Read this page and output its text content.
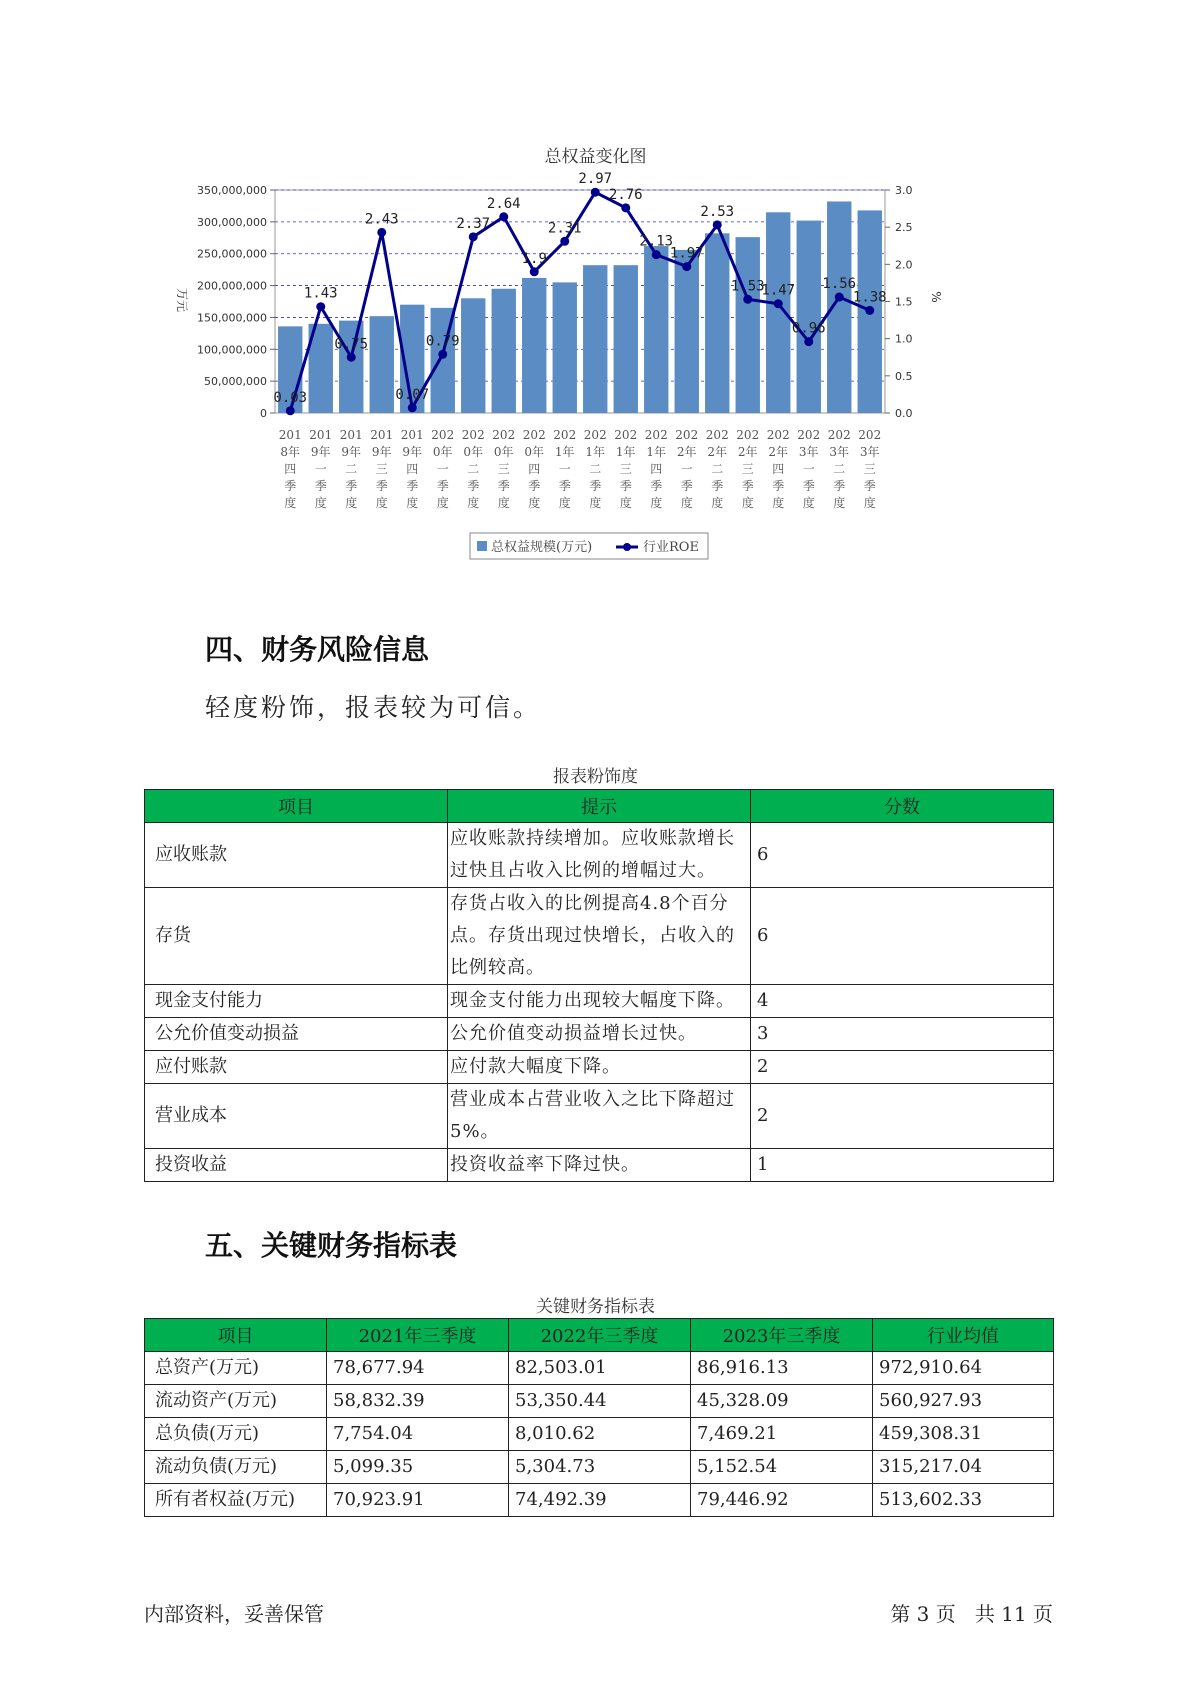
总权益变化图
0
50,000,000
100,000,000
150,000,000
200,000,000
250,000,000
300,000,000
350,000,000
0.0
0.5
1.0
1.5
2.0
2.5
3.0
万元	%
201
8年
四
季
度
201
9年
一
季
度
201
9年
二
季
度
201
9年
三
季
度
201
9年
四
季
度
202
0年
一
季
度
202
0年
二
季
度
202
0年
三
季
度
202
0年
四
季
度
202
1年
一
季
度
202
1年
二
季
度
202
1年
三
季
度
202
1年
四
季
度
202
2年
一
季
度
202
2年
二
季
度
202
2年
三
季
度
202
2年
四
季
度
202
3年
一
季
度
202
3年
二
季
度
202
3年
三
季
度
0.03
1.43
0.75
2.43
0.07
0.79
2.37
2.64
1.9
2.31
2.97
2.76
2.13
1.97
2.53
1.53
1.47
0.96
1.56
1.38
总权益规模(万元)	行业ROE
四、财务风险信息
轻度粉饰，报表较为可信。
报表粉饰度
项目	提示	分数
应收账款	应收账款持续增加。应收账款增长过快且占收入比例的增幅过大。	6
存货	存货占收入的比例提高4.8个百分点。存货出现过快增长，占收入的比例较高。	6
现金支付能力	现金支付能力出现较大幅度下降。	4
公允价值变动损益	公允价值变动损益增长过快。	3
应付账款	应付款大幅度下降。	2
营业成本	营业成本占营业收入之比下降超过5%。	2
投资收益	投资收益率下降过快。	1
五、关键财务指标表
关键财务指标表
项目	2021年三季度	2022年三季度	2023年三季度	行业均值
总资产(万元)	78,677.94	82,503.01	86,916.13	972,910.64
流动资产(万元)	58,832.39	53,350.44	45,328.09	560,927.93
总负债(万元)	7,754.04	8,010.62	7,469.21	459,308.31
流动负债(万元)	5,099.35	5,304.73	5,152.54	315,217.04
所有者权益(万元)	70,923.91	74,492.39	79,446.92	513,602.33
内部资料，妥善保管	第 3 页   共 11 页
